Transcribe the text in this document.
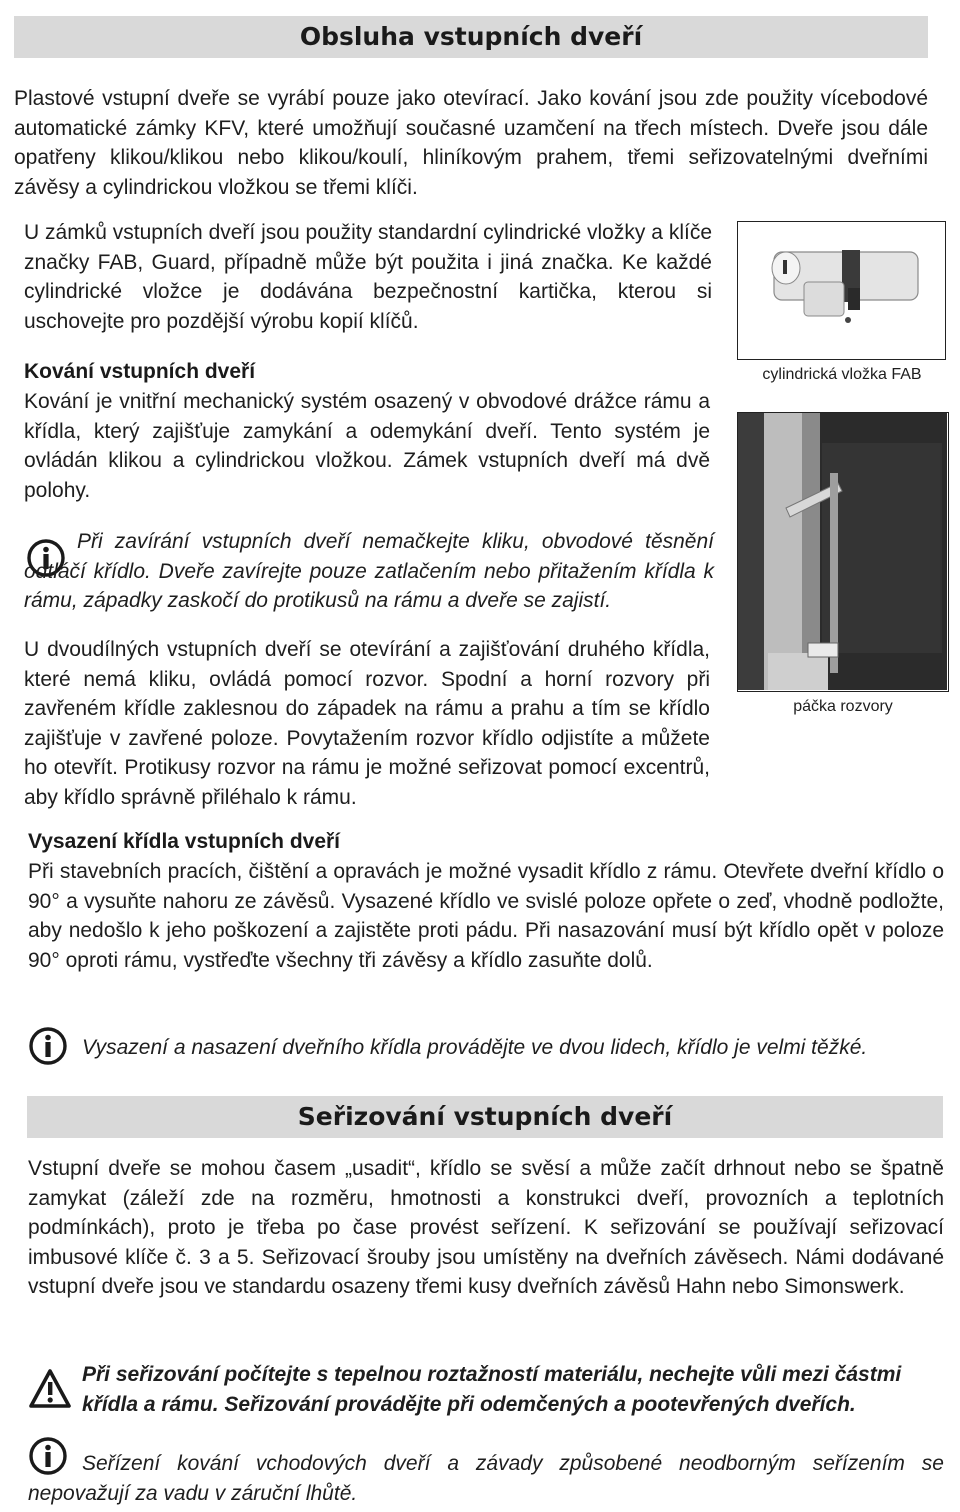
Obsluha vstupních dveří

Plastové vstupní dveře se vyrábí pouze jako otevírací. Jako kování jsou zde použity vícebodové automatické zámky KFV, které umožňují současné uzamčení na třech místech. Dveře jsou dále opatřeny klikou/klikou nebo klikou/koulí, hliníkovým prahem, třemi seřizovatelnými dveřními závěsy a cylindrickou vložkou se třemi klíči.

U zámků vstupních dveří jsou použity standardní cylindrické vložky a klíče značky FAB, Guard, případně může být použita i jiná značka. Ke každé cylindrické vložce je dodávána bezpečnostní kartička, kterou si uschovejte pro pozdější výrobu kopií klíčů.

cylindrická vložka FAB
Kování vstupních dveří

Kování je vnitřní mechanický systém osazený v obvodové drážce rámu a křídla, který zajišťuje zamykání a odemykání dveří. Tento systém je ovládán klikou a cylindrickou vložkou. Zámek vstupních dveří má dvě polohy.

páčka rozvory

Při zavírání vstupních dveří nemačkejte kliku, obvodové těsnění odtláčí křídlo. Dveře zavírejte pouze zatlačením nebo přitažením křídla k rámu, západky zaskočí do protikusů na rámu a dveře se zajistí.

U dvoudílných vstupních dveří se otevírání a zajišťování druhého křídla, které nemá kliku, ovládá pomocí rozvor. Spodní a horní rozvory při zavřeném křídle zaklesnou do západek na rámu a prahu a tím se křídlo zajišťuje v zavřené poloze. Povytažením rozvor křídlo odjistíte a můžete ho otevřít. Protikusy rozvor na rámu je možné seřizovat pomocí excentrů, aby křídlo správně přiléhalo k rámu.

Vysazení křídla vstupních dveří

Při stavebních pracích, čištění a opravách je možné vysadit křídlo z rámu. Otevřete dveřní křídlo o 90° a vysuňte nahoru ze závěsů. Vysazené křídlo ve svislé poloze opřete o zeď, vhodně podložte, aby nedošlo k jeho poškození a zajistěte proti pádu. Při nasazování musí být křídlo opět v poloze 90° oproti rámu, vystřeďte všechny tři závěsy a křídlo zasuňte dolů.

Vysazení a nasazení dveřního křídla provádějte ve dvou lidech, křídlo je velmi těžké.

Seřizování vstupních dveří

Vstupní dveře se mohou časem „usadit“, křídlo se svěsí a může začít drhnout nebo se špatně zamykat (záleží zde na rozměru, hmotnosti a konstrukci dveří, provozních a teplotních podmínkách), proto je třeba po čase provést seřízení. K seřizování se používají seřizovací imbusové klíče č. 3 a 5. Seřizovací šrouby jsou umístěny na dveřních závěsech. Námi dodávané vstupní dveře jsou ve standardu osazeny třemi kusy dveřních závěsů Hahn nebo Simonswerk.

Při seřizování počítejte s tepelnou roztažností materiálu, nechejte vůli mezi částmi křídla a rámu. Seřizování provádějte při odemčených a pootevřených dveřích.

Seřízení kování vchodových dveří a závady způsobené neodborným seřízením se nepovažují za vadu v záruční lhůtě.
